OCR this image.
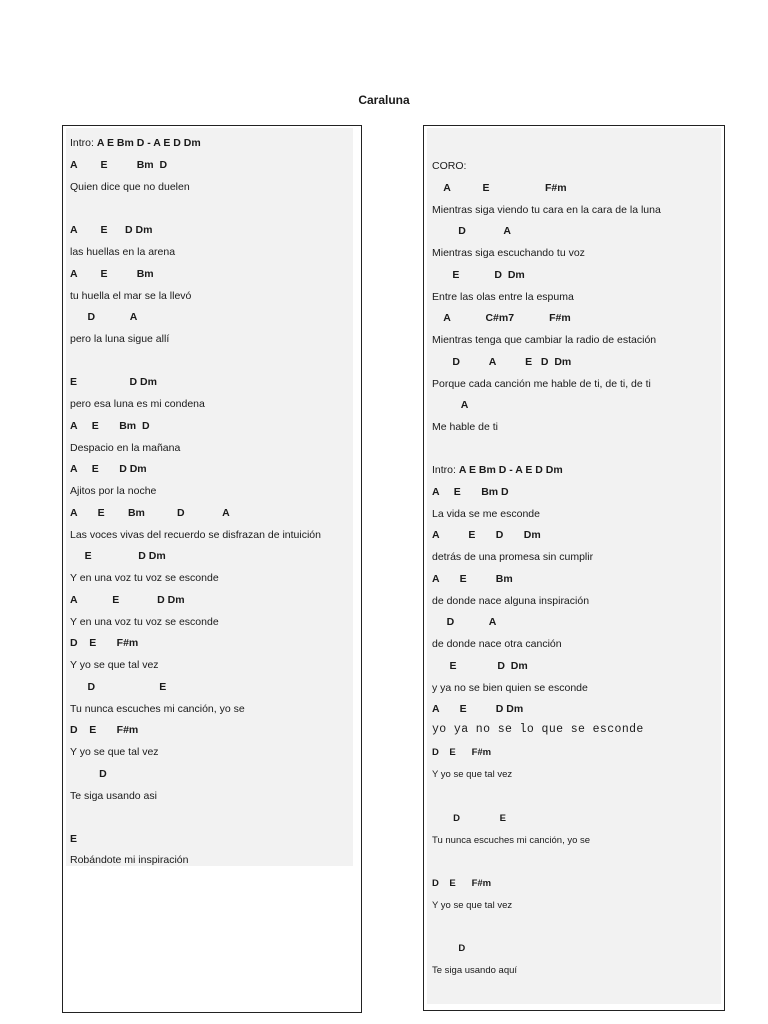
Caraluna
Intro: A E Bm D - A E D Dm
A        E          Bm  D
Quien dice que no duelen
A        E      D Dm
las huellas en la arena
A        E          Bm
tu huella el mar se la llevó
D            A
pero la luna sigue allí
E                  D Dm
pero esa luna es mi condena
A     E       Bm  D
Despacio en la mañana
A     E       D Dm
Ajitos por la noche
A       E        Bm           D             A
Las voces vivas del recuerdo se disfrazan de intuición
E                D Dm
Y en una voz tu voz se esconde
A            E             D Dm
Y en una voz tu voz se esconde
D    E       F#m
Y yo se que tal vez
D                      E
Tu nunca escuches mi canción, yo se
D    E       F#m
Y yo se que tal vez
D
Te siga usando asi
E
Robándote mi inspiración
CORO:
A           E                   F#m
Mientras siga viendo tu cara en la cara de la luna
D             A
Mientras siga escuchando tu voz
E            D  Dm
Entre las olas entre la espuma
A            C#m7            F#m
Mientras tenga que cambiar la radio de estación
D          A          E   D  Dm
Porque cada canción me hable de ti, de ti, de ti
A
Me hable de ti
Intro: A E Bm D - A E D Dm
A     E       Bm D
La vida se me esconde
A          E       D       Dm
detrás de una promesa sin cumplir
A       E          Bm
de donde nace alguna inspiración
D            A
de donde nace otra canción
E              D  Dm
y ya no se bien quien se esconde
A       E          D Dm
yo ya no se lo que se esconde
D    E      F#m
Y yo se que tal vez
D               E
Tu nunca escuches mi canción, yo se
D    E      F#m
Y yo se que tal vez
D
Te siga usando aquí
